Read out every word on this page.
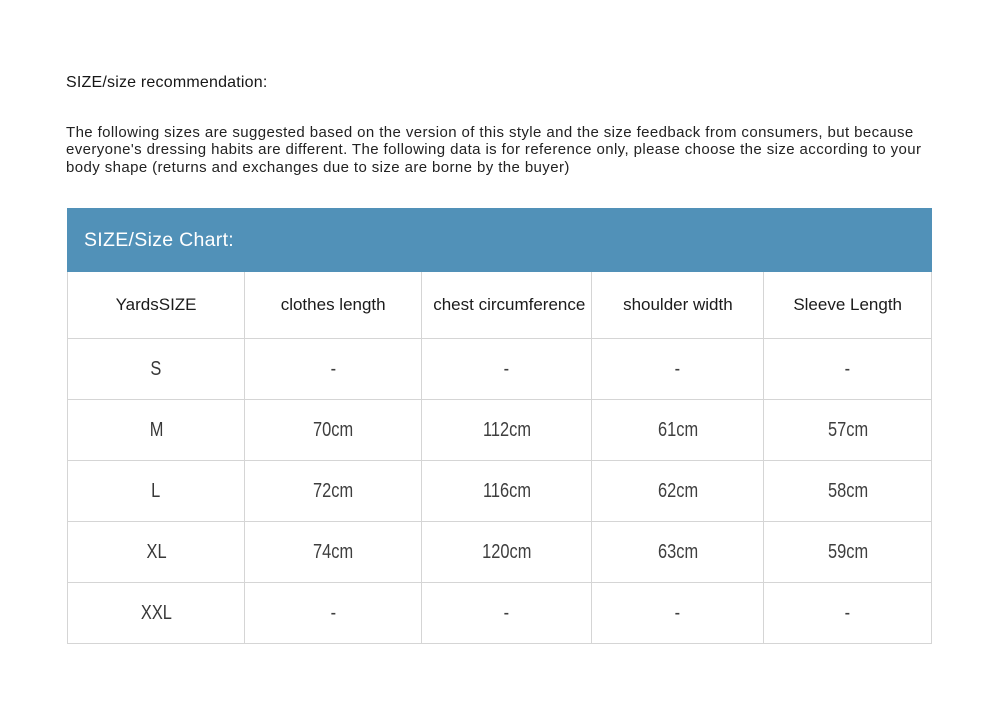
SIZE/size recommendation:
The following sizes are suggested based on the version of this style and the size feedback from consumers, but because everyone's dressing habits are different. The following data is for reference only, please choose the size according to your body shape (returns and exchanges due to size are borne by the buyer)
SIZE/Size Chart:
YardsSIZE	clothes length	chest circumference	shoulder width	Sleeve Length
S	-	-	-	-
M	70cm	112cm	61cm	57cm
L	72cm	116cm	62cm	58cm
XL	74cm	120cm	63cm	59cm
XXL	-	-	-	-
